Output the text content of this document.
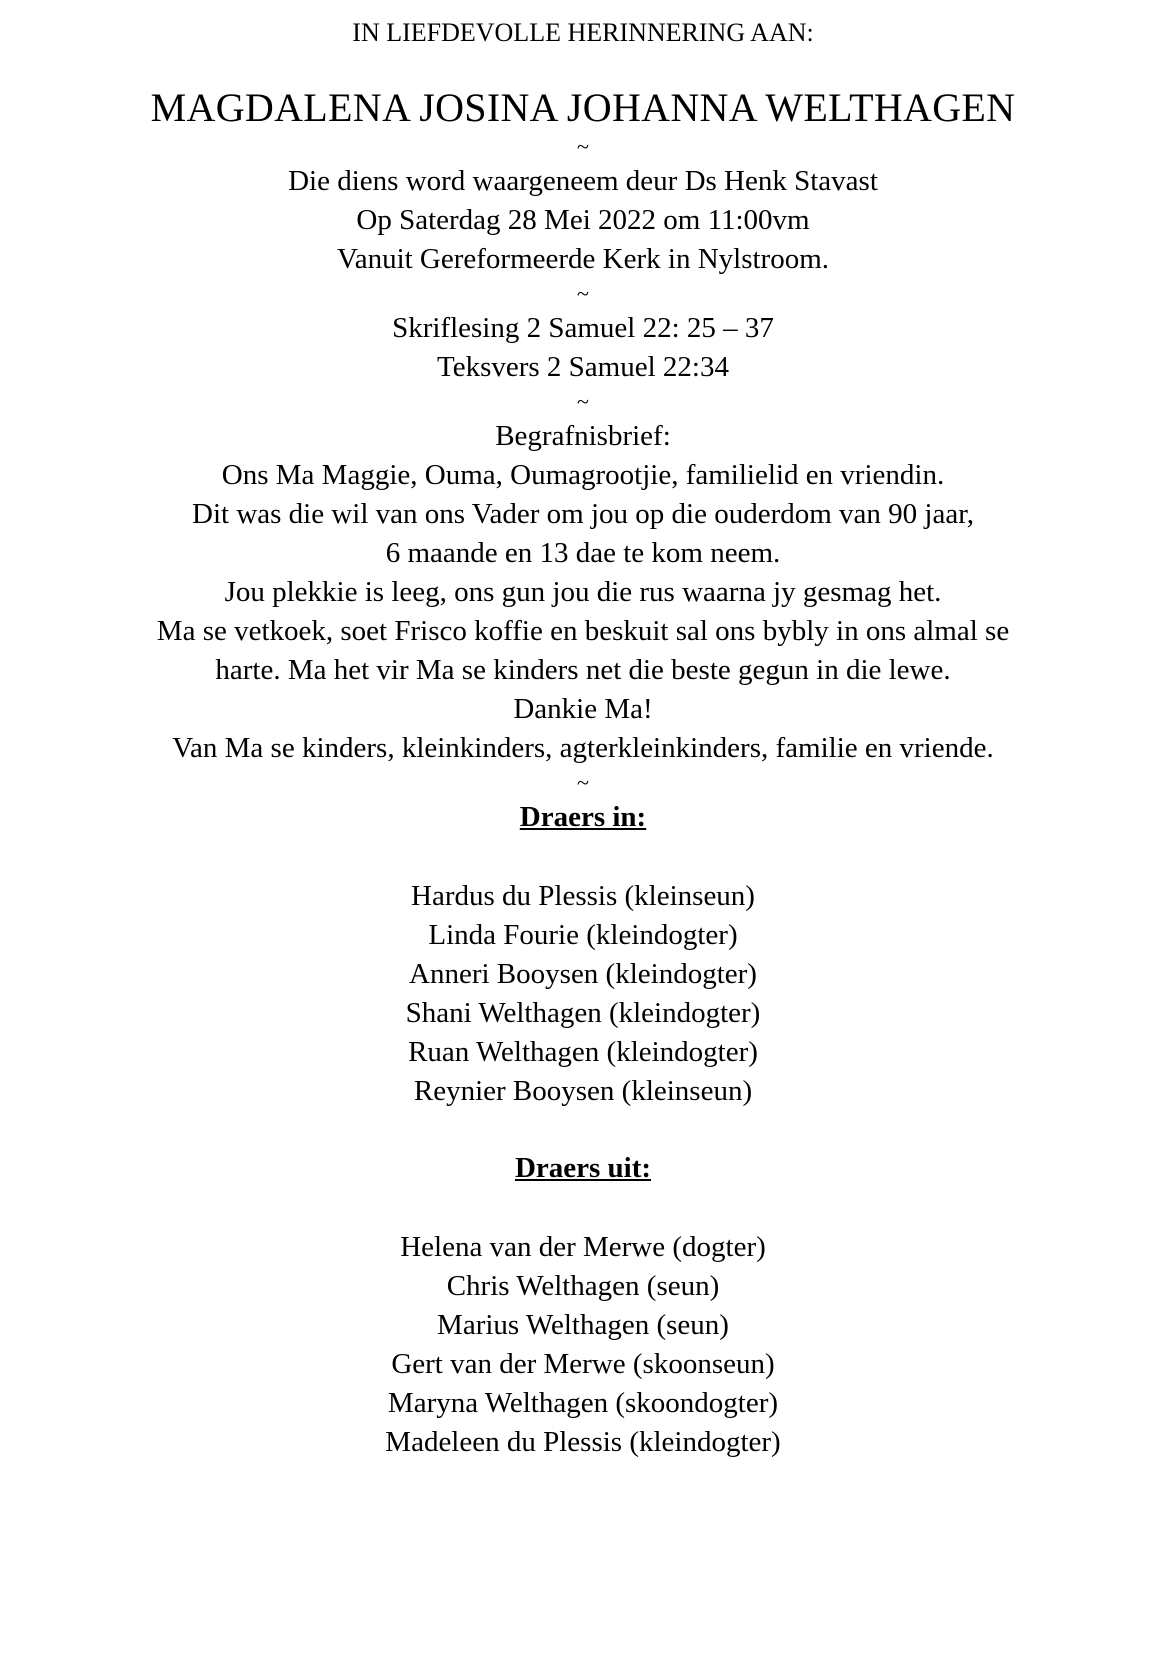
IN LIEFDEVOLLE HERINNERING AAN:
MAGDALENA JOSINA JOHANNA WELTHAGEN
~
Die diens word waargeneem deur Ds Henk Stavast
Op Saterdag 28 Mei 2022 om 11:00vm
Vanuit Gereformeerde Kerk in Nylstroom.
~
Skriflesing 2 Samuel 22: 25 – 37
Teksvers 2 Samuel 22:34
~
Begrafnisbrief:
Ons Ma Maggie, Ouma, Oumagrootjie, familielid en vriendin.
Dit was die wil van ons Vader om jou op die ouderdom van 90 jaar,
6 maande en 13 dae te kom neem.
Jou plekkie is leeg, ons gun jou die rus waarna jy gesmag het.
Ma se vetkoek, soet Frisco koffie en beskuit sal ons bybly in ons almal se
harte. Ma het vir Ma se kinders net die beste gegun in die lewe.
Dankie Ma!
Van Ma se kinders, kleinkinders, agterkleinkinders, familie en vriende.
~
Draers in:
Hardus du Plessis (kleinseun)
Linda Fourie (kleindogter)
Anneri Booysen (kleindogter)
Shani Welthagen (kleindogter)
Ruan Welthagen (kleindogter)
Reynier Booysen (kleinseun)
Draers uit:
Helena van der Merwe (dogter)
Chris Welthagen (seun)
Marius Welthagen (seun)
Gert van der Merwe (skoonseun)
Maryna Welthagen (skoondogter)
Madeleen du Plessis (kleindogter)
